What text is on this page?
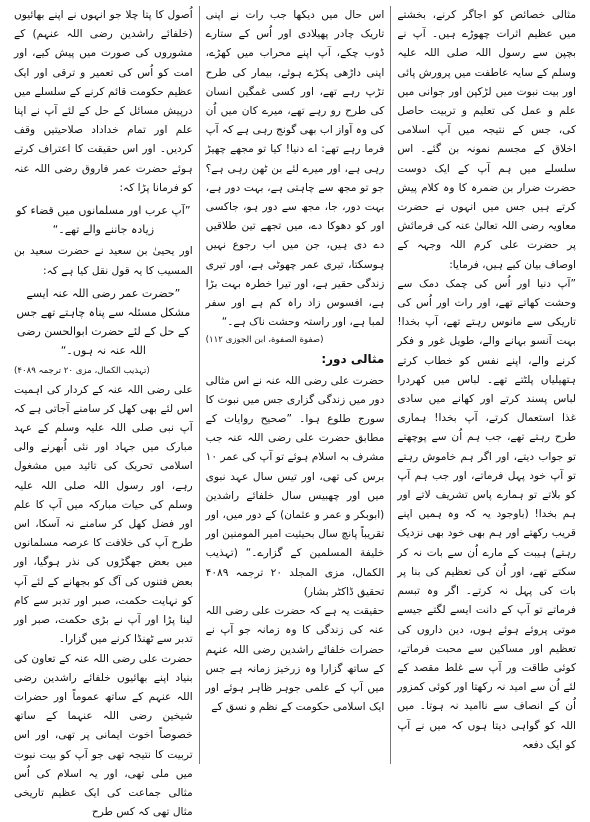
مثالی خصائص کو اجاگر کرنے، بخشتے میں عظیم اثرات چھوڑے ہیں۔ آپ نے بچپن سے رسول اللہ صلی اللہ علیہ وسلم کے سایہ عاطفت میں پرورش پائی اور بیت نبوت میں لڑکپن اور جوانی میں علم و عمل کی تعلیم و تربیت حاصل کی، جس کے نتیجہ میں آپ اسلامی اخلاق کے مجسم نمونہ بن گئے۔ اس سلسلے میں ہم آپ کے ایک دوست حضرت ضرار بن ضمرہ کا وہ کلام پیش کرتے ہیں جس میں انہوں نے حضرت معاویہ رضی اللہ تعالیٰ عنہ کی فرمائش پر حضرت علی کرم اللہ وجہہ کے اوصاف بیان کیے ہیں، فرمایا:

”آپ دنیا اور اُس کی چمک دمک سے وحشت کھاتے تھے، اور رات اور اُس کی تاریکی سے مانوس رہتے تھے، آپ بخدا! بہت آنسو بہانے والے، طویل غور و فکر کرنے والے، اپنے نفس کو خطاب کرتے ہتھیلیاں پلٹتے تھے۔ لباس میں کھردرا لباس پسند کرتے اور کھانے میں سادی غذا استعمال کرتے، آپ بخدا! ہماری طرح رہتے تھے، جب ہم اُن سے پوچھتے تو جواب دیتے، اور اگر ہم خاموش رہتے تو آپ خود پہل فرماتے، اور جب ہم آپ کو بلاتے تو ہمارے پاس تشریف لاتے اور ہم بخدا! (باوجود یہ کہ وہ ہمیں اپنے قریب رکھتے اور ہم بھی خود بھی نزدیک رہتے) ہیبت کے مارے اُن سے بات نہ کر سکتے تھے، اور اُن کی تعظیم کی بنا پر بات کی پہل نہ کرتے۔ اگر وہ تبسم فرماتے تو آپ کے دانت ایسے لگتے جیسے موتی پروئے ہوئے ہوں، دین داروں کی تعظیم اور مساکین سے محبت فرماتے، کوئی طاقت ور آپ سے غلط مقصد کے لئے اُن سے امید نہ رکھتا اور کوئی کمزور اُن کے انصاف سے ناامید نہ ہوتا۔ میں اللہ کو گواہی دیتا ہوں کہ میں نے آپ کو ایک دفعہ

اس حال میں دیکھا جب رات نے اپنی تاریک چادر پھیلادی اور اُس کے ستارے ڈوب چکے، آپ اپنے محراب میں کھڑے، اپنی داڑھی پکڑے ہوئے، بیمار کی طرح تڑپ رہے تھے، اور کسی غمگین انسان کی طرح رو رہے تھے، میرے کان میں اُن کی وہ آواز اب بھی گونج رہی ہے کہ آپ فرما رہے تھے: اے دنیا! کیا تو مجھے چھیڑ رہی ہے، اور میرے لئے بن ٹھن رہی ہے؟ جو تو مجھ سے چاہتی ہے، بہت دور ہے، بہت دور، جا، مجھ سے دور ہو، جاکسی اور کو دھوکا دے، میں تجھے تین طلاقیں دے دی ہیں، جن میں اب رجوع نہیں ہوسکتا، تیری عمر چھوٹی ہے، اور تیری زندگی حقیر ہے، اور تیرا خطرہ بہت بڑا ہے، افسوس زاد راہ کم ہے اور سفر لمبا ہے، اور راستہ وحشت ناک ہے۔“

(صفوة الصفوة، ابن الجوزی ۱۱۲)

مثالی دور:

حضرت علی رضی اللہ عنہ نے اس مثالی دور میں زندگی گزاری جس میں نبوت کا سورج طلوع ہوا۔ ”صحیح روایات کے مطابق حضرت علی رضی اللہ عنہ جب مشرف بہ اسلام ہوئے تو آپ کی عمر ۱۰ برس کی تھی، اور تیس سال عہد نبوی میں اور چھبیس سال خلفائے راشدین (ابوبکر و عمر و عثمان) کے دور میں، اور تقریباً پانچ سال بحیثیت امیر المومنین اور خلیفة المسلمین کے گزارے۔“ (تہذیب الکمال، مزی المجلد ۲۰ ترجمہ ۴۰۸۹ تحقیق ڈاکٹر بشار)

حقیقت یہ ہے کہ حضرت علی رضی اللہ عنہ کی زندگی کا وہ زمانہ جو آپ نے حضرات خلفائے راشدین رضی اللہ عنہم کے ساتھ گزارا وہ زرخیز زمانہ ہے جس میں آپ کے علمی جوہر ظاہر ہوئے اور ایک اسلامی حکومت کے نظم و نسق کے

اُصول کا پتا چلا جو انہوں نے اپنے بھائیوں (خلفائے راشدین رضی اللہ عنہم) کے مشوروں کی صورت میں پیش کیے، اور امت کو اُس کی تعمیر و ترقی اور ایک عظیم حکومت قائم کرنے کے سلسلے میں درپیش مسائل کے حل کے لئے آپ نے اپنا علم اور تمام خداداد صلاحیتیں وقف کردیں۔ اور اس حقیقت کا اعتراف کرتے ہوئے حضرت عمر فاروق رضی اللہ عنہ کو فرمانا پڑا کہ:

”آپ عرب اور مسلمانوں میں قضاء کو زیادہ جاننے والے تھے۔“

اور یحییٰ بن سعید نے حضرت سعید بن المسیب کا یہ قول نقل کیا ہے کہ:

”حضرت عمر رضی اللہ عنہ ایسے مشکل مسئلہ سے پناہ چاہتے تھے جس کے حل کے لئے حضرت ابوالحسن رضی اللہ عنہ نہ ہوں۔“

(تہذیب الکمال، مزی ۲۰ ترجمہ ۴۰۸۹)

علی رضی اللہ عنہ کے کردار کی اہمیت اس لئے بھی کھل کر سامنے آجاتی ہے کہ آپ نبی صلی اللہ علیہ وسلم کے عہد مبارک میں جہاد اور نئی اُبھرنے والی اسلامی تحریک کی تائید میں مشغول رہے، اور رسول اللہ صلی اللہ علیہ وسلم کی حیات مبارکہ میں آپ کا علم اور فضل کھل کر سامنے نہ آسکا، اس طرح آپ کی خلافت کا عرصہ مسلمانوں میں بعض جھگڑوں کی نذر ہوگیا، اور بعض فتنوں کی آگ کو بجھانے کے لئے آپ کو نہایت حکمت، صبر اور تدبر سے کام لینا پڑا اور آپ نے بڑی حکمت، صبر اور تدبر سے ٹھنڈا کرنے میں گزارا۔

حضرت علی رضی اللہ عنہ کے تعاون کی بنیاد اپنے بھائیوں خلفائے راشدین رضی اللہ عنہم کے ساتھ عموماً اور حضرات شیخین رضی اللہ عنہما کے ساتھ خصوصاً اخوت ایمانی پر تھی، اور اس تربیت کا نتیجہ تھی جو آپ کو بیت نبوت میں ملی تھی، اور یہ اسلام کی اُس مثالی جماعت کی ایک عظیم تاریخی مثال تھی کہ کس طرح
